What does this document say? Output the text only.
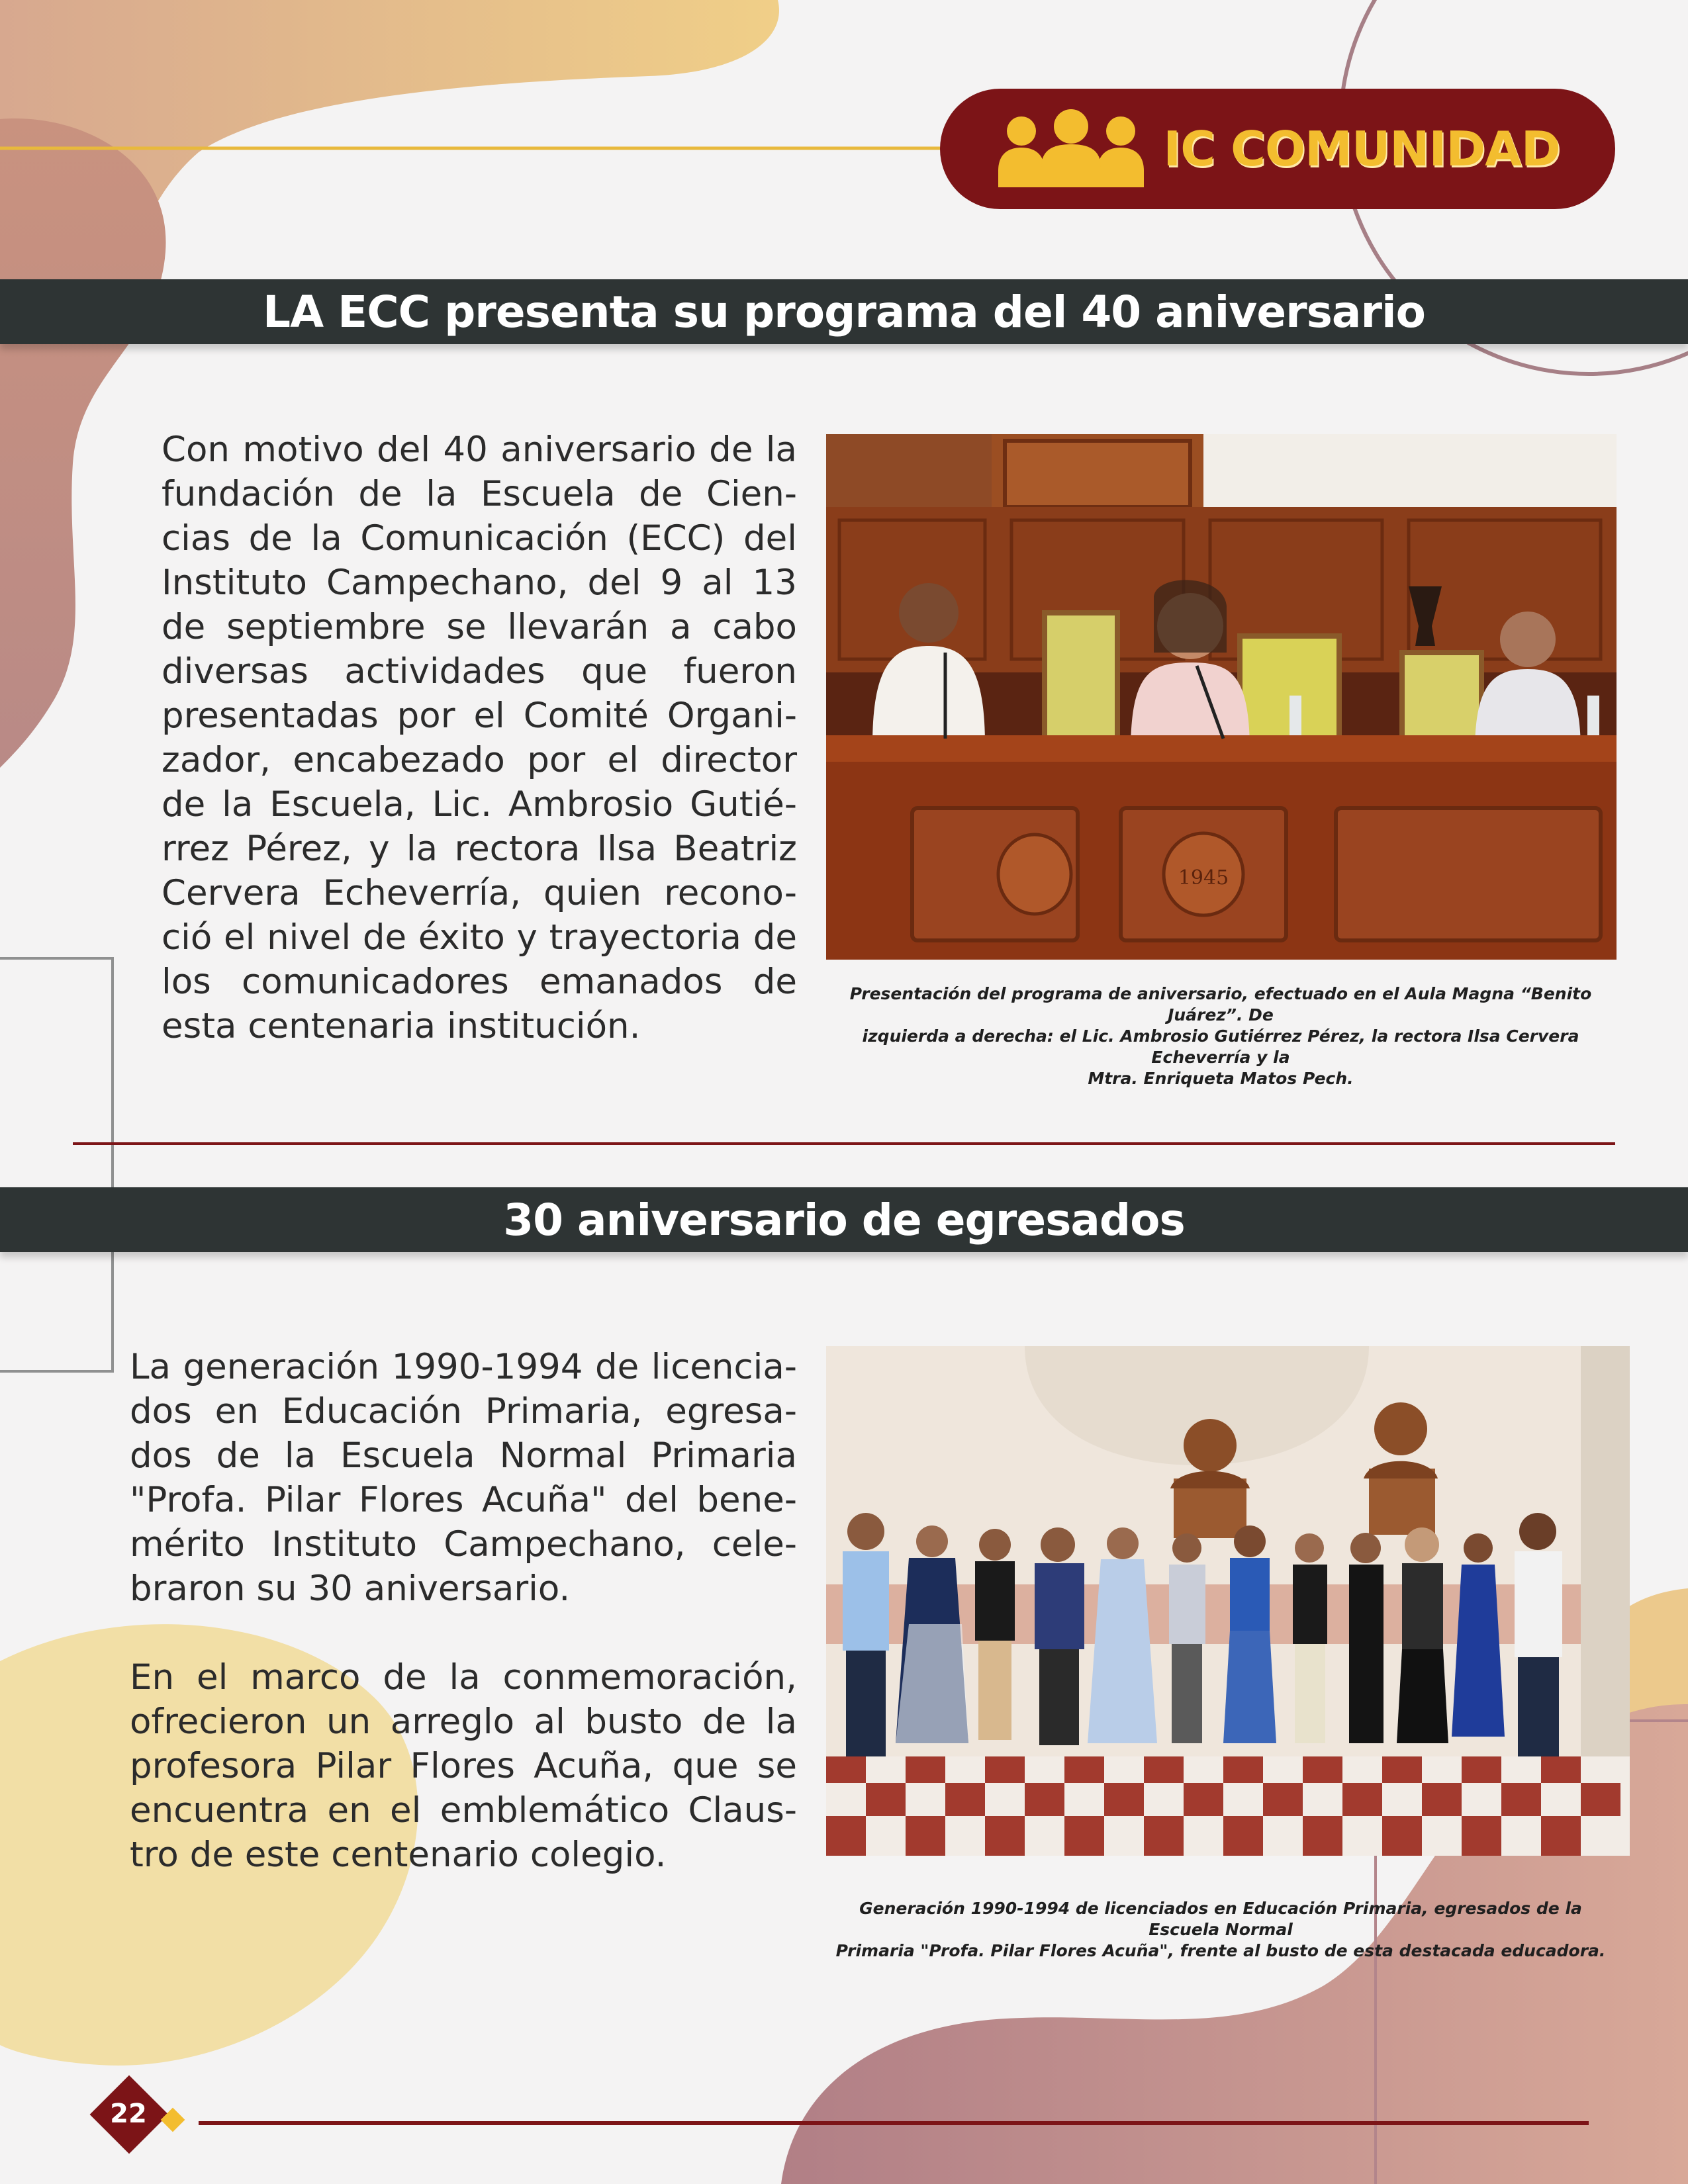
IC COMUNIDAD
LA ECC presenta su programa del 40 aniversario

Con motivo del 40 aniversario de la

fundación de la Escuela de Cien-

cias de la Comunicación (ECC) del

Instituto Campechano, del 9 al 13

de septiembre se llevarán a cabo

diversas actividades que fueron

presentadas por el Comité Organi-

zador, encabezado por el director

de la Escuela, Lic. Ambrosio Gutié-

rrez Pérez, y la rectora Ilsa Beatriz

Cervera Echeverría, quien recono-

ció el nivel de éxito y trayectoria de

los comunicadores emanados de

esta centenaria institución.

1945
Presentación del programa de aniversario, efectuado en el Aula Magna “Benito Juárez”. De
izquierda a derecha: el Lic. Ambrosio Gutiérrez Pérez, la rectora Ilsa Cervera Echeverría y la
Mtra. Enriqueta Matos Pech.
30 aniversario de egresados

La generación 1990-1994 de licencia-

dos en Educación Primaria, egresa-

dos de la Escuela Normal Primaria

"Profa. Pilar Flores Acuña" del bene-

mérito Instituto Campechano, cele-

braron su 30 aniversario.

En el marco de la conmemoración,

ofrecieron un arreglo al busto de la

profesora Pilar Flores Acuña, que se

encuentra en el emblemático Claus-

tro de este centenario colegio.

Generación 1990-1994 de licenciados en Educación Primaria, egresados de la Escuela Normal
Primaria "Profa. Pilar Flores Acuña", frente al busto de esta destacada educadora.
22
